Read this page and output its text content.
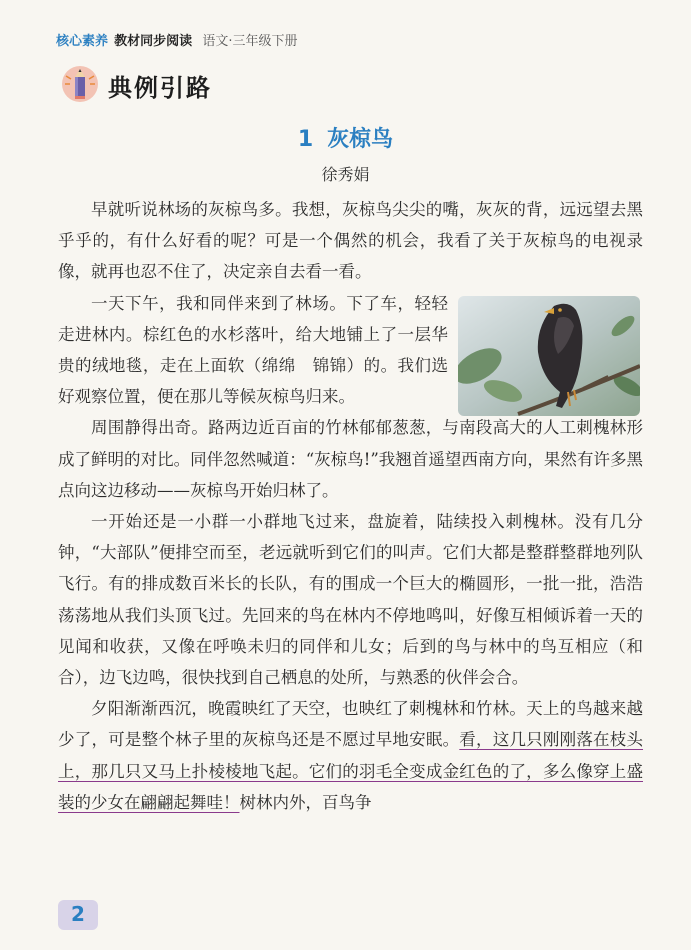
核心素养 教材同步阅读 语文·三年级下册
典例引路
1 灰椋鸟
徐秀娟

早就听说林场的灰椋鸟多。我想，灰椋鸟尖尖的嘴，灰灰的背，远远望去黑乎乎的，有什么好看的呢？可是一个偶然的机会，我看了关于灰椋鸟的电视录像，就再也忍不住了，决定亲自去看一看。

一天下午，我和同伴来到了林场。下了车，轻轻走进林内。棕红色的水杉落叶，给大地铺上了一层华贵的绒地毯，走在上面软（绵绵　锦锦）的。我们选好观察位置，便在那儿等候灰椋鸟归来。

周围静得出奇。路两边近百亩的竹林郁郁葱葱，与南段高大的人工刺槐林形成了鲜明的对比。同伴忽然喊道：“灰椋鸟!”我翘首遥望西南方向，果然有许多黑点向这边移动——灰椋鸟开始归林了。

一开始还是一小群一小群地飞过来，盘旋着，陆续投入刺槐林。没有几分钟，“大部队”便排空而至，老远就听到它们的叫声。它们大都是整群整群地列队飞行。有的排成数百米长的长队，有的围成一个巨大的椭圆形，一批一批，浩浩荡荡地从我们头顶飞过。先回来的鸟在林内不停地鸣叫，好像互相倾诉着一天的见闻和收获，又像在呼唤未归的同伴和儿女；后到的鸟与林中的鸟互相应（和　合），边飞边鸣，很快找到自己栖息的处所，与熟悉的伙伴会合。

夕阳渐渐西沉，晚霞映红了天空，也映红了刺槐林和竹林。天上的鸟越来越少了，可是整个林子里的灰椋鸟还是不愿过早地安眠。看，这几只刚刚落在枝头上，那几只又马上扑棱棱地飞起。它们的羽毛全变成金红色的了，多么像穿上盛装的少女在翩翩起舞哇！树林内外，百鸟争

2
